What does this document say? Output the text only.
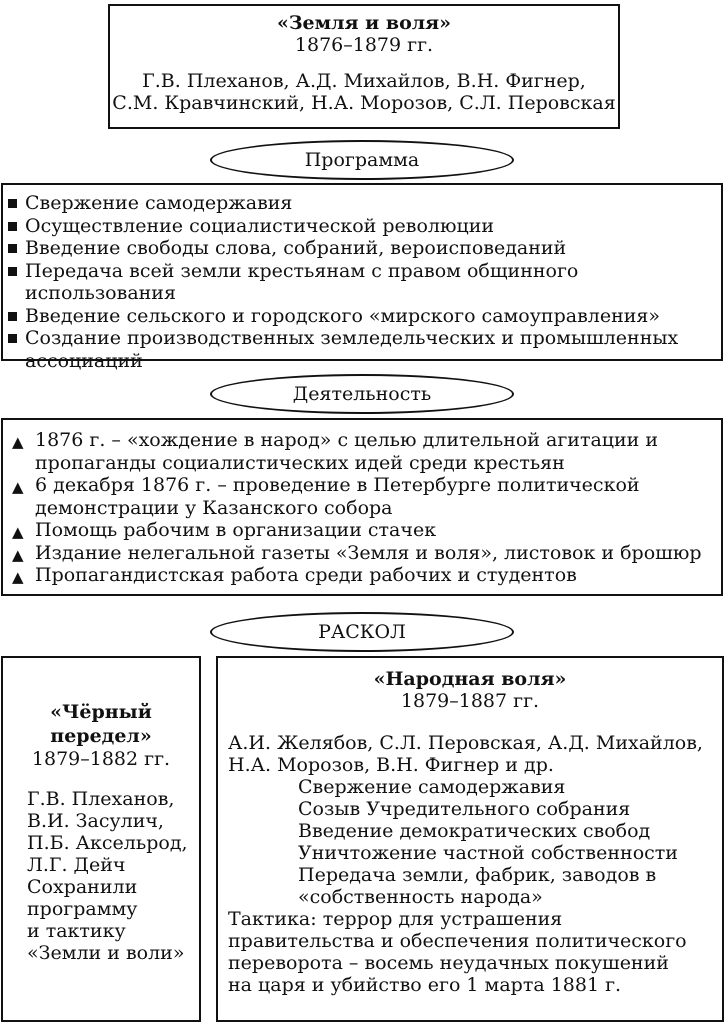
«Земля и воля»
1876–1879 гг.
Г.В. Плеханов, А.Д. Михайлов, В.Н. Фигнер,
С.М. Кравчинский, Н.А. Морозов, С.Л. Перовская
Программа
Свержение самодержавия
Осуществление социалистической революции
Введение свободы слова, собраний, вероисповеданий
Передача всей земли крестьянам с правом общинного использования
Введение сельского и городского «мирского самоуправления»
Создание производственных земледельческих и промышленных ассоциаций
Деятельность
▲ 1876 г. – «хождение в народ» с целью длительной агитации и пропаганды социалистических идей среди крестьян
▲ 6 декабря 1876 г. – проведение в Петербурге политической демонстрации у Казанского собора
▲ Помощь рабочим в организации стачек
▲ Издание нелегальной газеты «Земля и воля», листовок и брошюр
▲ Пропагандистская работа среди рабочих и студентов
РАСКОЛ
«Чёрный
передел»
1879–1882 гг.
Г.В. Плеханов,
В.И. Засулич,
П.Б. Аксельрод,
Л.Г. Дейч
Сохранили
программу
и тактику
«Земли и воли»
«Народная воля»
1879–1887 гг.
А.И. Желябов, С.Л. Перовская, А.Д. Михайлов,
Н.А. Морозов, В.Н. Фигнер и др.
Свержение самодержавия
Созыв Учредительного собрания
Введение демократических свобод
Уничтожение частной собственности
Передача земли, фабрик, заводов в
«собственность народа»
Тактика: террор для устрашения
правительства и обеспечения политического
переворота – восемь неудачных покушений
на царя и убийство его 1 марта 1881 г.
